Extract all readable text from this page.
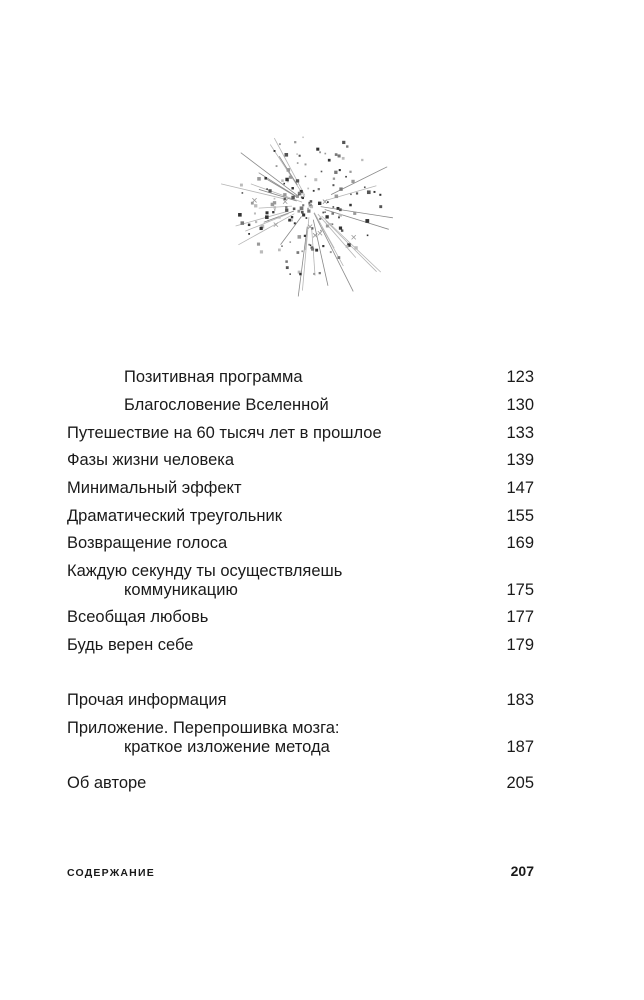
Позитивная программа	123
Благословение Вселенной	130
Путешествие на 60 тысяч лет в прошлое	133
Фазы жизни человека	139
Минимальный эффект	147
Драматический треугольник	155
Возвращение голоса	169
Каждую секунду ты осуществляешь
коммуникацию	175
Всеобщая любовь	177
Будь верен себе	179
Прочая информация	183
Приложение. Перепрошивка мозга:
краткое изложение метода	187
Об авторе	205
СОДЕРЖАНИЕ	207
